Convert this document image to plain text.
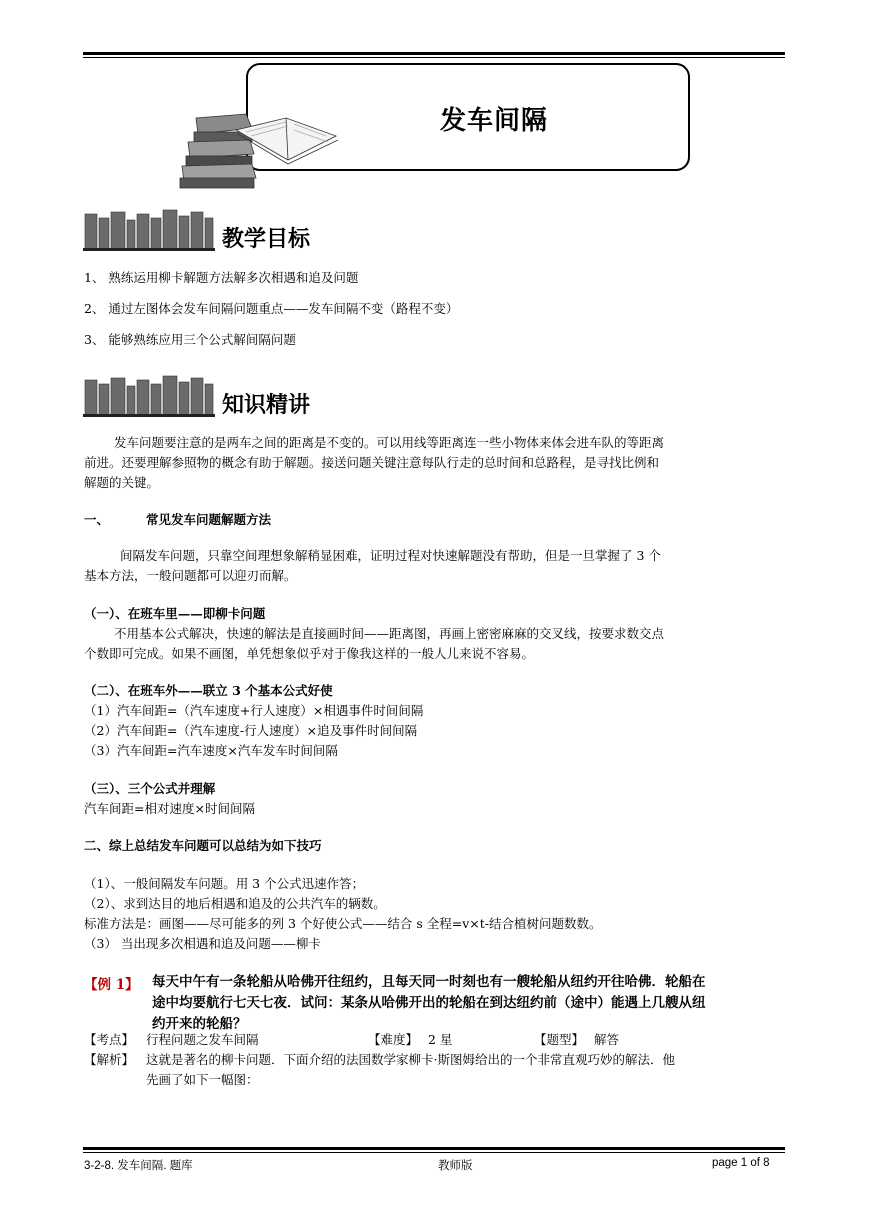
发车间隔
教学目标
1、 熟练运用柳卡解题方法解多次相遇和追及问题
2、 通过左图体会发车间隔问题重点——发车间隔不变（路程不变）
3、 能够熟练应用三个公式解间隔问题
知识精讲
发车问题要注意的是两车之间的距离是不变的。可以用线等距离连一些小物体来体会进车队的等距离
前进。还要理解参照物的概念有助于解题。接送问题关键注意每队行走的总时间和总路程，是寻找比例和
解题的关键。
一、	常见发车问题解题方法
间隔发车问题，只靠空间理想象解稍显困难，证明过程对快速解题没有帮助，但是一旦掌握了 3 个
基本方法，一般问题都可以迎刃而解。
（一）、在班车里——即柳卡问题
不用基本公式解决，快速的解法是直接画时间——距离图，再画上密密麻麻的交叉线，按要求数交点
个数即可完成。如果不画图，单凭想象似乎对于像我这样的一般人儿来说不容易。
（二）、在班车外——联立 3 个基本公式好使
（1）汽车间距=（汽车速度+行人速度）×相遇事件时间间隔
（2）汽车间距=（汽车速度-行人速度）×追及事件时间间隔
（3）汽车间距=汽车速度×汽车发车时间间隔
（三）、三个公式并理解
汽车间距=相对速度×时间间隔
二、综上总结发车问题可以总结为如下技巧
（1）、一般间隔发车问题。用 3 个公式迅速作答；
（2）、求到达目的地后相遇和追及的公共汽车的辆数。
标准方法是：画图——尽可能多的列 3 个好使公式——结合 s 全程=v×t-结合植树问题数数。
（3） 当出现多次相遇和追及问题——柳卡
【例 1】 每天中午有一条轮船从哈佛开往纽约，且每天同一时刻也有一艘轮船从纽约开往哈佛．轮船在
途中均要航行七天七夜．试问：某条从哈佛开出的轮船在到达纽约前（途中）能遇上几艘从纽
约开来的轮船？
【考点】 行程问题之发车间隔	【难度】 2 星	【题型】 解答
【解析】 这就是著名的柳卡问题．下面介绍的法国数学家柳卡·斯图姆给出的一个非常直观巧妙的解法．他
先画了如下一幅图：
3-2-8. 发车间隔. 题库	教师版	page 1 of 8
